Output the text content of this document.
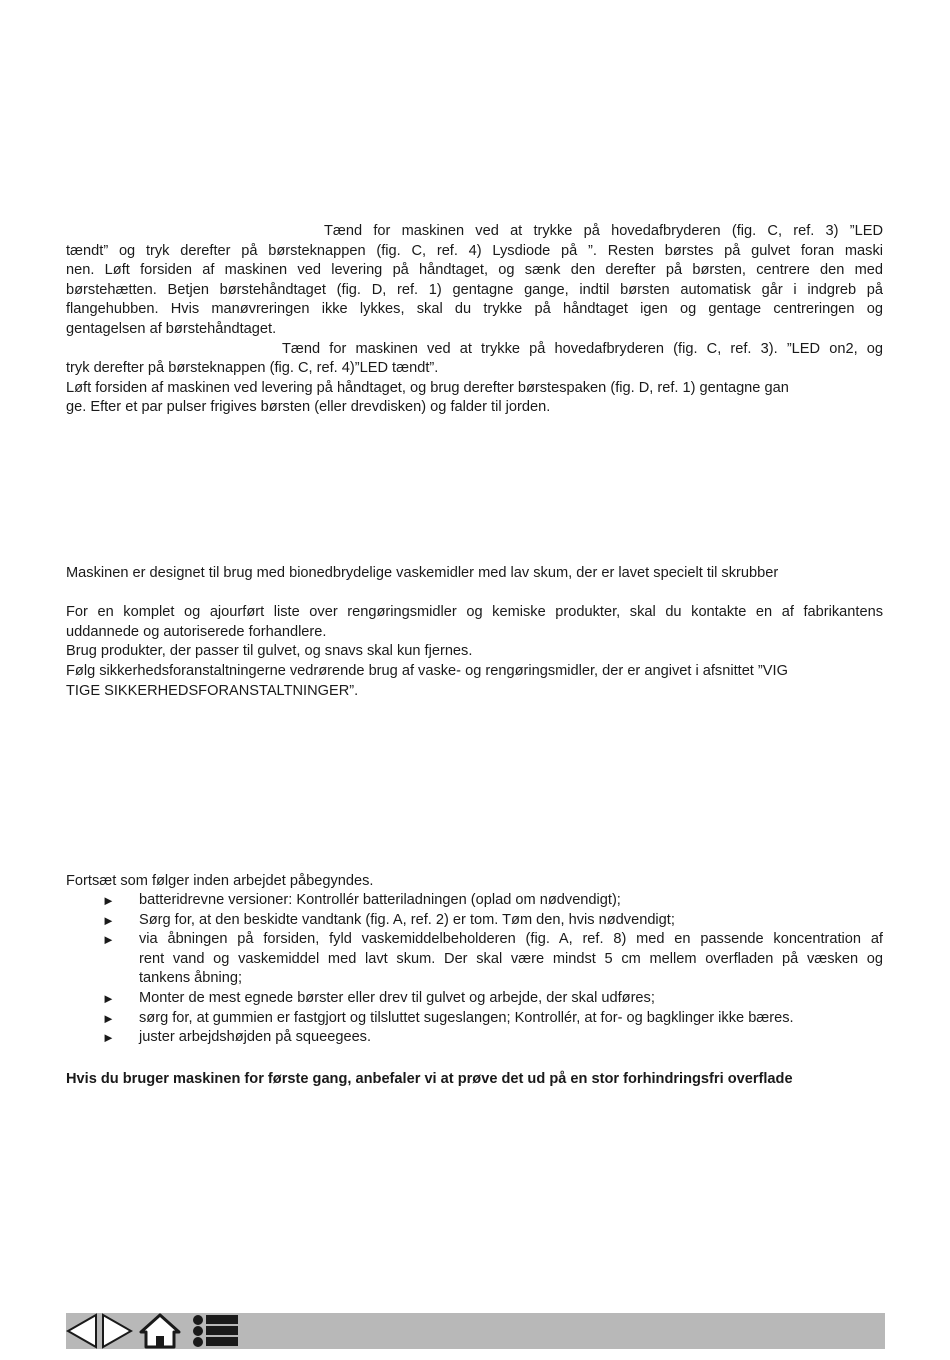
Tænd for maskinen ved at trykke på hovedafbryderen (fig. C, ref. 3) ”LED
tændt” og tryk derefter på børsteknappen (fig. C, ref. 4) Lysdiode på ”. Resten børstes på gulvet foran maski
nen. Løft forsiden af maskinen ved levering på håndtaget, og sænk den derefter på børsten, centrere den med
børstehætten. Betjen børstehåndtaget (fig. D, ref. 1) gentagne gange, indtil børsten automatisk går i indgreb på
flangehubben. Hvis manøvreringen ikke lykkes, skal du trykke på håndtaget igen og gentage centreringen og
gentagelsen af børstehåndtaget.
Tænd for maskinen ved at trykke på hovedafbryderen (fig. C, ref. 3). ”LED on2, og
tryk derefter på børsteknappen (fig. C, ref. 4)”LED tændt”.
Løft forsiden af maskinen ved levering på håndtaget, og brug derefter børstespaken (fig. D, ref. 1) gentagne gan
ge. Efter et par pulser frigives børsten (eller drevdisken) og falder til jorden.
Maskinen er designet til brug med bionedbrydelige vaskemidler med lav skum, der er lavet specielt til skrubber
For en komplet og ajourført liste over rengøringsmidler og kemiske produkter, skal du kontakte en af fabrikantens
uddannede og autoriserede forhandlere.
Brug produkter, der passer til gulvet, og snavs skal kun fjernes.
Følg sikkerhedsforanstaltningerne vedrørende brug af vaske- og rengøringsmidler, der er angivet i afsnittet ”VIG
TIGE SIKKERHEDSFORANSTALTNINGER”.
Fortsæt som følger inden arbejdet påbegyndes.
► batteridrevne versioner: Kontrollér batteriladningen (oplad om nødvendigt);
► Sørg for, at den beskidte vandtank (fig. A, ref. 2) er tom. Tøm den, hvis nødvendigt;
► via åbningen på forsiden, fyld vaskemiddelbeholderen (fig. A, ref. 8) med en passende koncentration af
rent vand og vaskemiddel med lavt skum. Der skal være mindst 5 cm mellem overfladen på væsken og
tankens åbning;
► Monter de mest egnede børster eller drev til gulvet og arbejde, der skal udføres;
► sørg for, at gummien er fastgjort og tilsluttet sugeslangen; Kontrollér, at for- og bagklinger ikke bæres.
► juster arbejdshøjden på squeegees.
Hvis du bruger maskinen for første gang, anbefaler vi at prøve det ud på en stor forhindringsfri overflade
